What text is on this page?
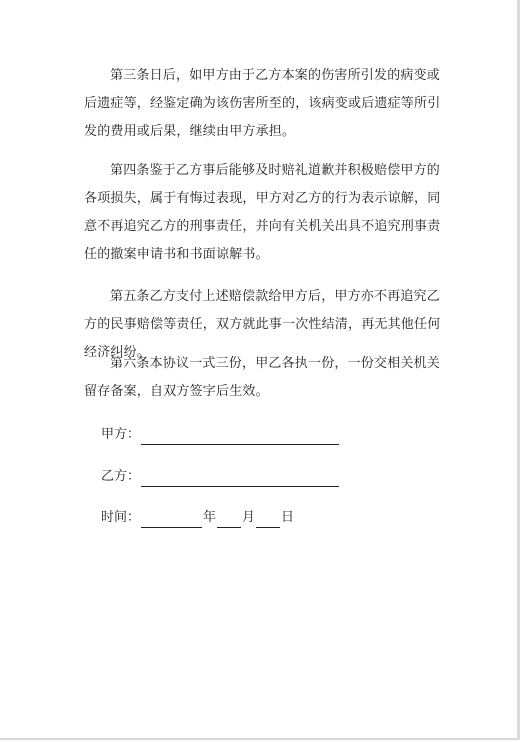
第三条日后，如甲方由于乙方本案的伤害所引发的病变或后遗症等，经鉴定确为该伤害所至的，该病变或后遗症等所引发的费用或后果，继续由甲方承担。

第四条鉴于乙方事后能够及时赔礼道歉并积极赔偿甲方的各项损失，属于有悔过表现，甲方对乙方的行为表示谅解，同意不再追究乙方的刑事责任，并向有关机关出具不追究刑事责任的撤案申请书和书面谅解书。

第五条乙方支付上述赔偿款给甲方后，甲方亦不再追究乙方的民事赔偿等责任，双方就此事一次性结清，再无其他任何经济纠纷。

第六条本协议一式三份，甲乙各执一份，一份交相关机关留存备案，自双方签字后生效。

甲方：
乙方：
时间：	年 月 日
